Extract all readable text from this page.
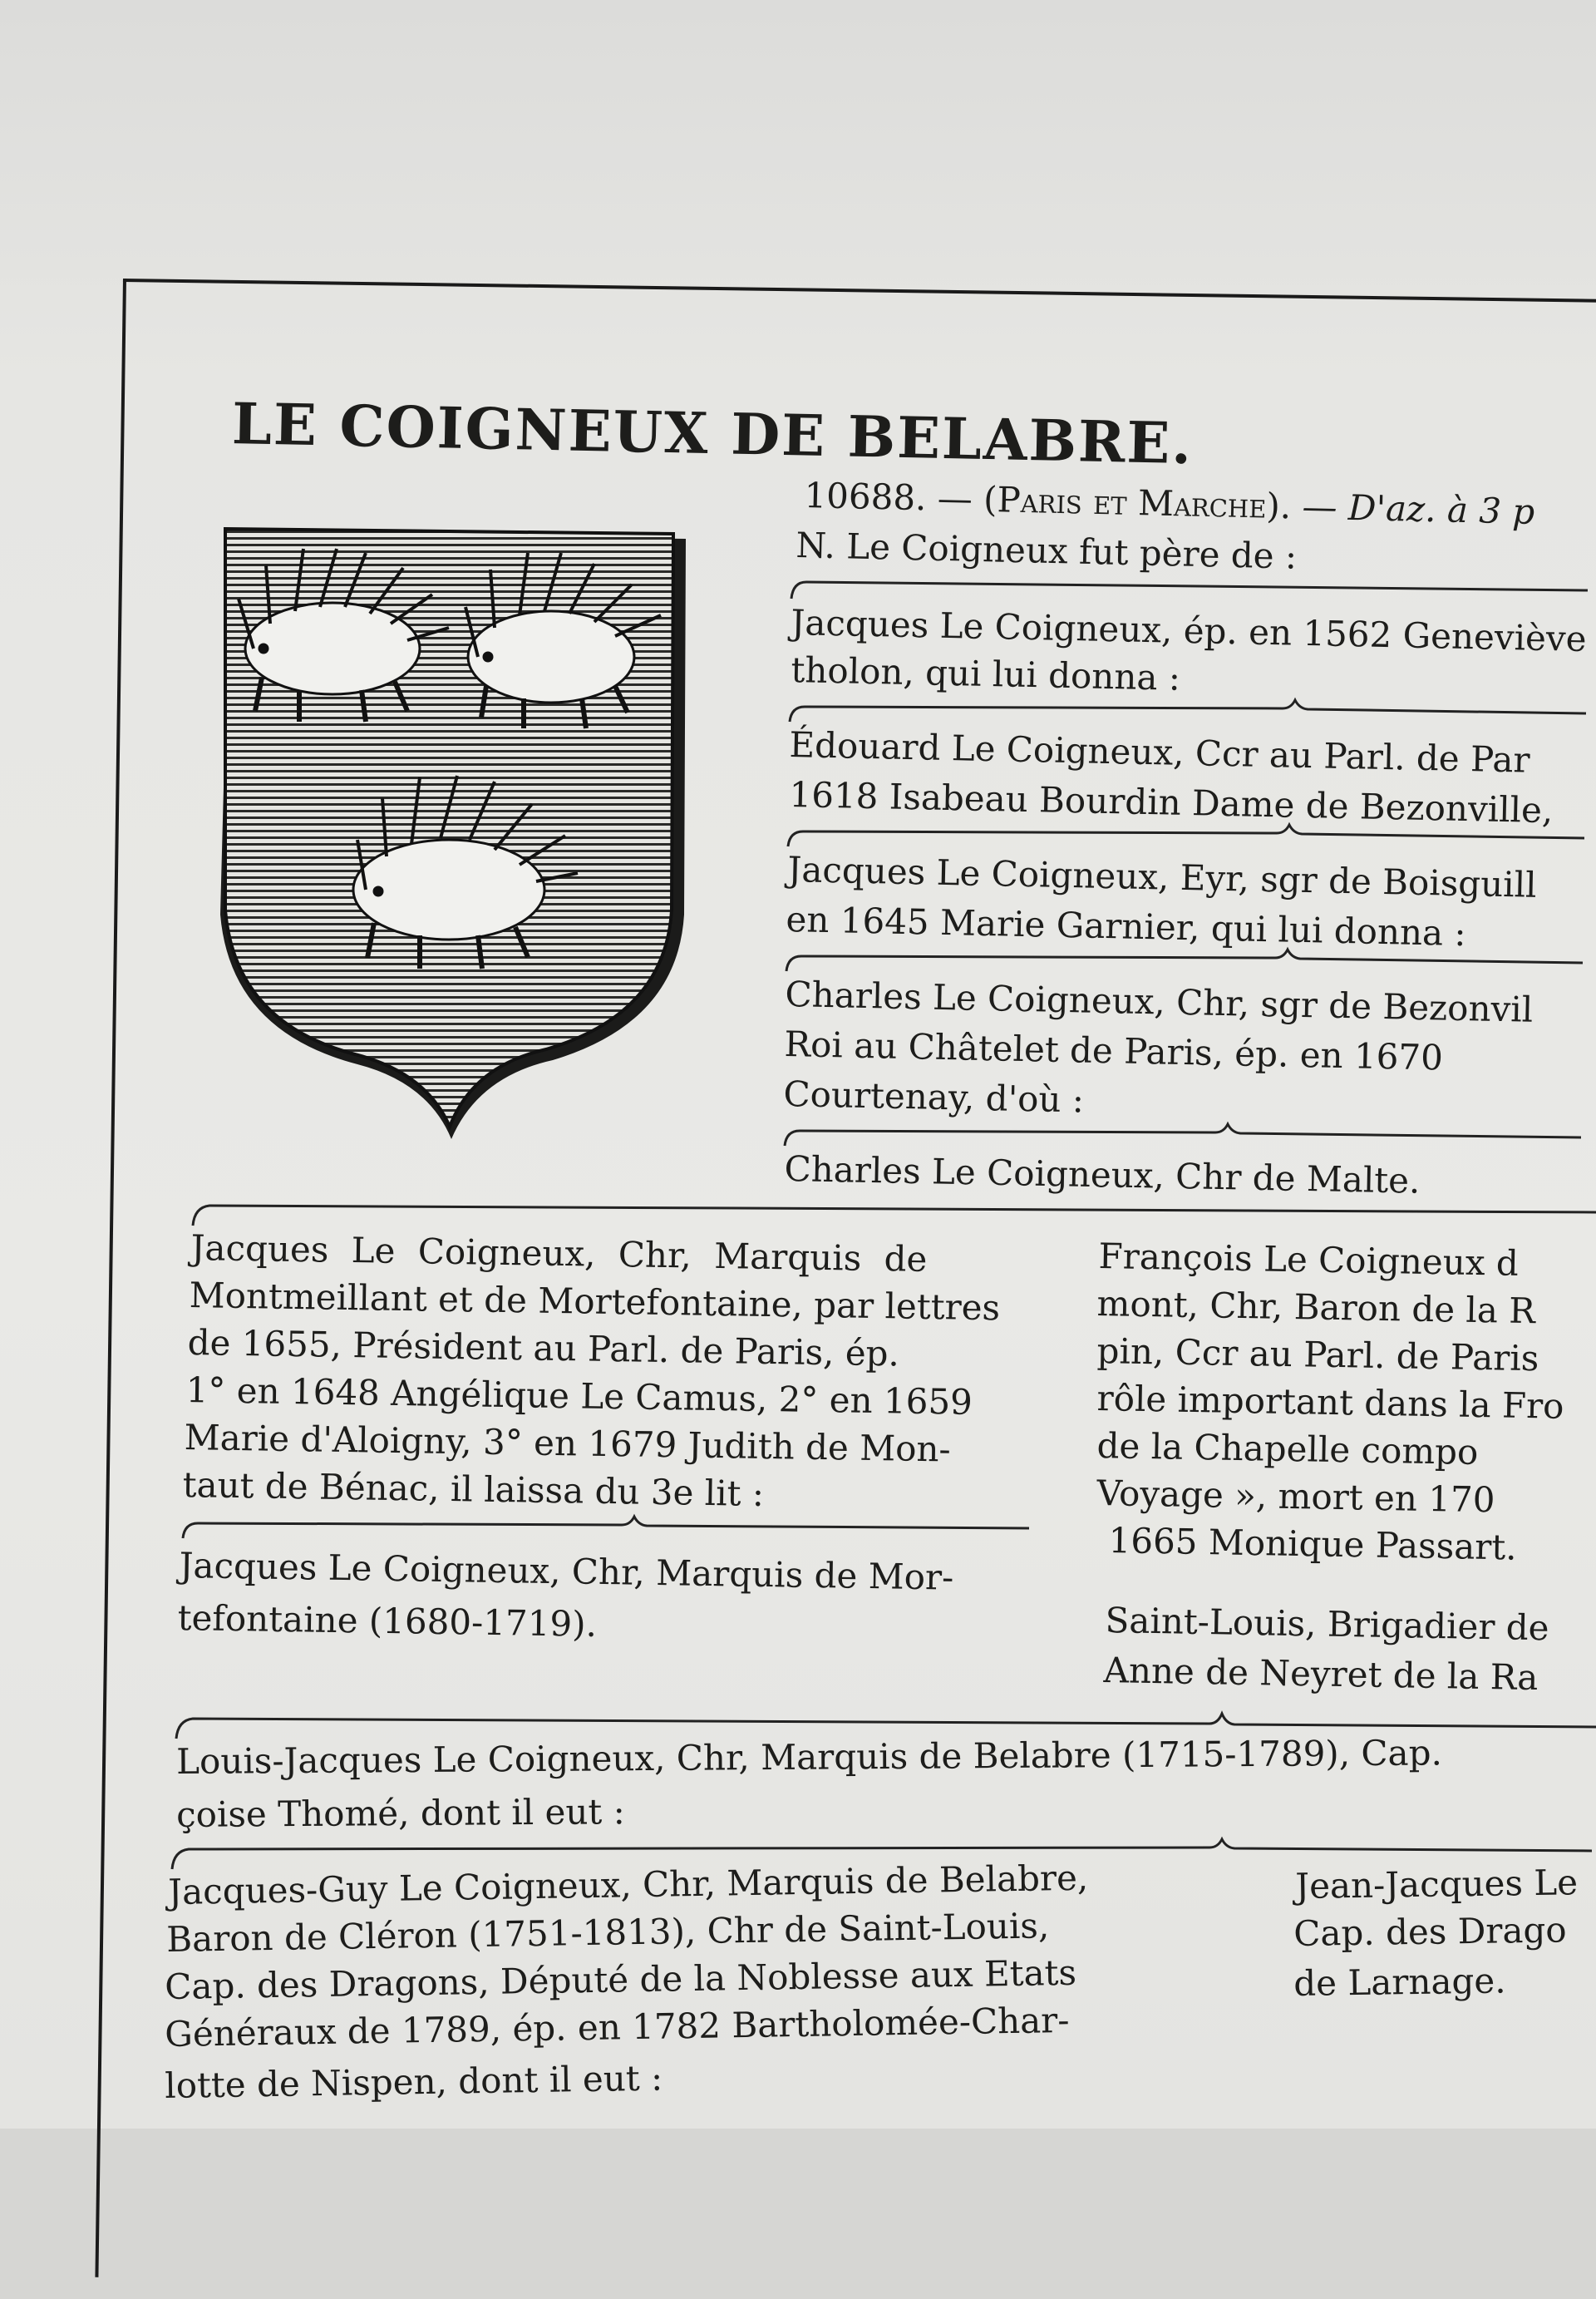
LE COIGNEUX DE BELABRE.
10688. — (Paris et Marche). — D'az. à 3 p
N. Le Coigneux fut père de :
Jacques Le Coigneux, ép. en 1562 Geneviève
tholon, qui lui donna :
Édouard Le Coigneux, Ccr au Parl. de Par
1618 Isabeau Bourdin Dame de Bezonville,
Jacques Le Coigneux, Eyr, sgr de Boisguill
en 1645 Marie Garnier, qui lui donna :
Charles Le Coigneux, Chr, sgr de Bezonvil
Roi au Châtelet de Paris, ép. en 1670
Courtenay, d'où :
Charles Le Coigneux, Chr de Malte.
Jacques Le Coigneux, Chr, Marquis de
Montmeillant et de Mortefontaine, par lettres
de 1655, Président au Parl. de Paris, ép.
1° en 1648 Angélique Le Camus, 2° en 1659
Marie d'Aloigny, 3° en 1679 Judith de Mon-
taut de Bénac, il laissa du 3e lit :
Jacques Le Coigneux, Chr, Marquis de Mor-
tefontaine (1680-1719).
François Le Coigneux d
mont, Chr, Baron de la R
pin, Ccr au Parl. de Paris
rôle important dans la Fro
de la Chapelle compo
Voyage », mort en 170
1665 Monique Passart.
Saint-Louis, Brigadier de
Anne de Neyret de la Ra
Louis-Jacques Le Coigneux, Chr, Marquis de Belabre (1715-1789), Cap.
çoise Thomé, dont il eut :
Jacques-Guy Le Coigneux, Chr, Marquis de Belabre,
Baron de Cléron (1751-1813), Chr de Saint-Louis,
Cap. des Dragons, Député de la Noblesse aux Etats
Généraux de 1789, ép. en 1782 Bartholomée-Char-
lotte de Nispen, dont il eut :
Jean-Jacques Le
Cap. des Drago
de Larnage.
